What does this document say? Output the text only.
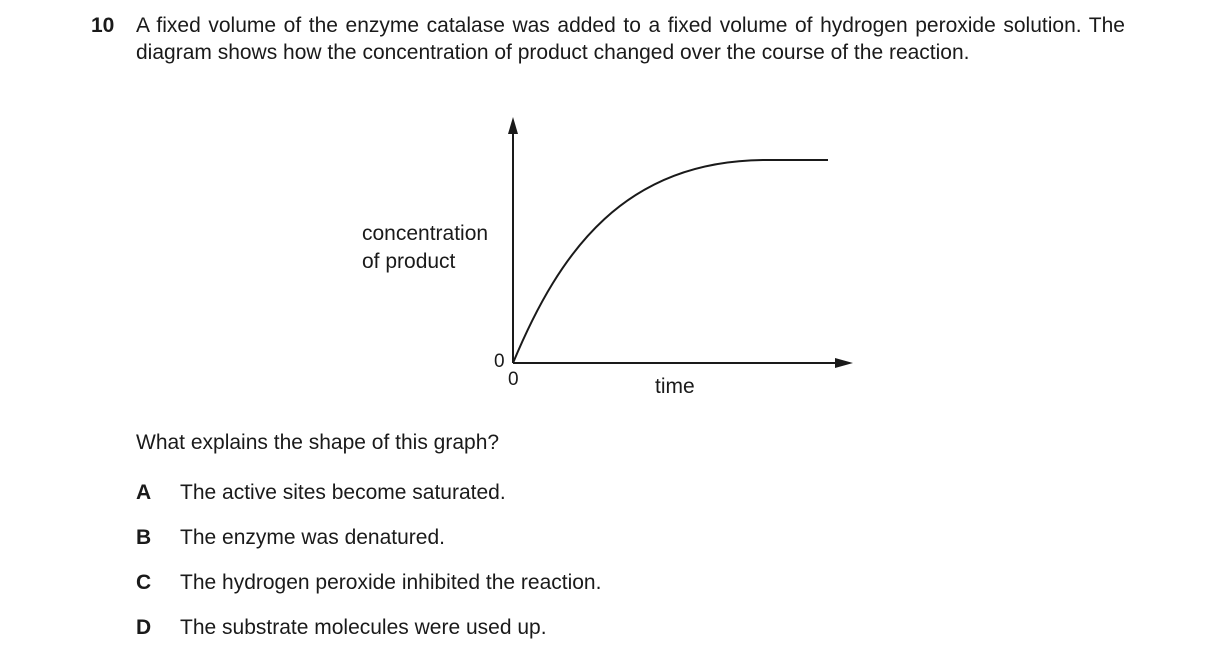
10 A fixed volume of the enzyme catalase was added to a fixed volume of hydrogen peroxide solution. The diagram shows how the concentration of product changed over the course of the reaction.
concentration
of product
0
0	time
What explains the shape of this graph?
A The active sites become saturated.
B The enzyme was denatured.
C The hydrogen peroxide inhibited the reaction.
D The substrate molecules were used up.
